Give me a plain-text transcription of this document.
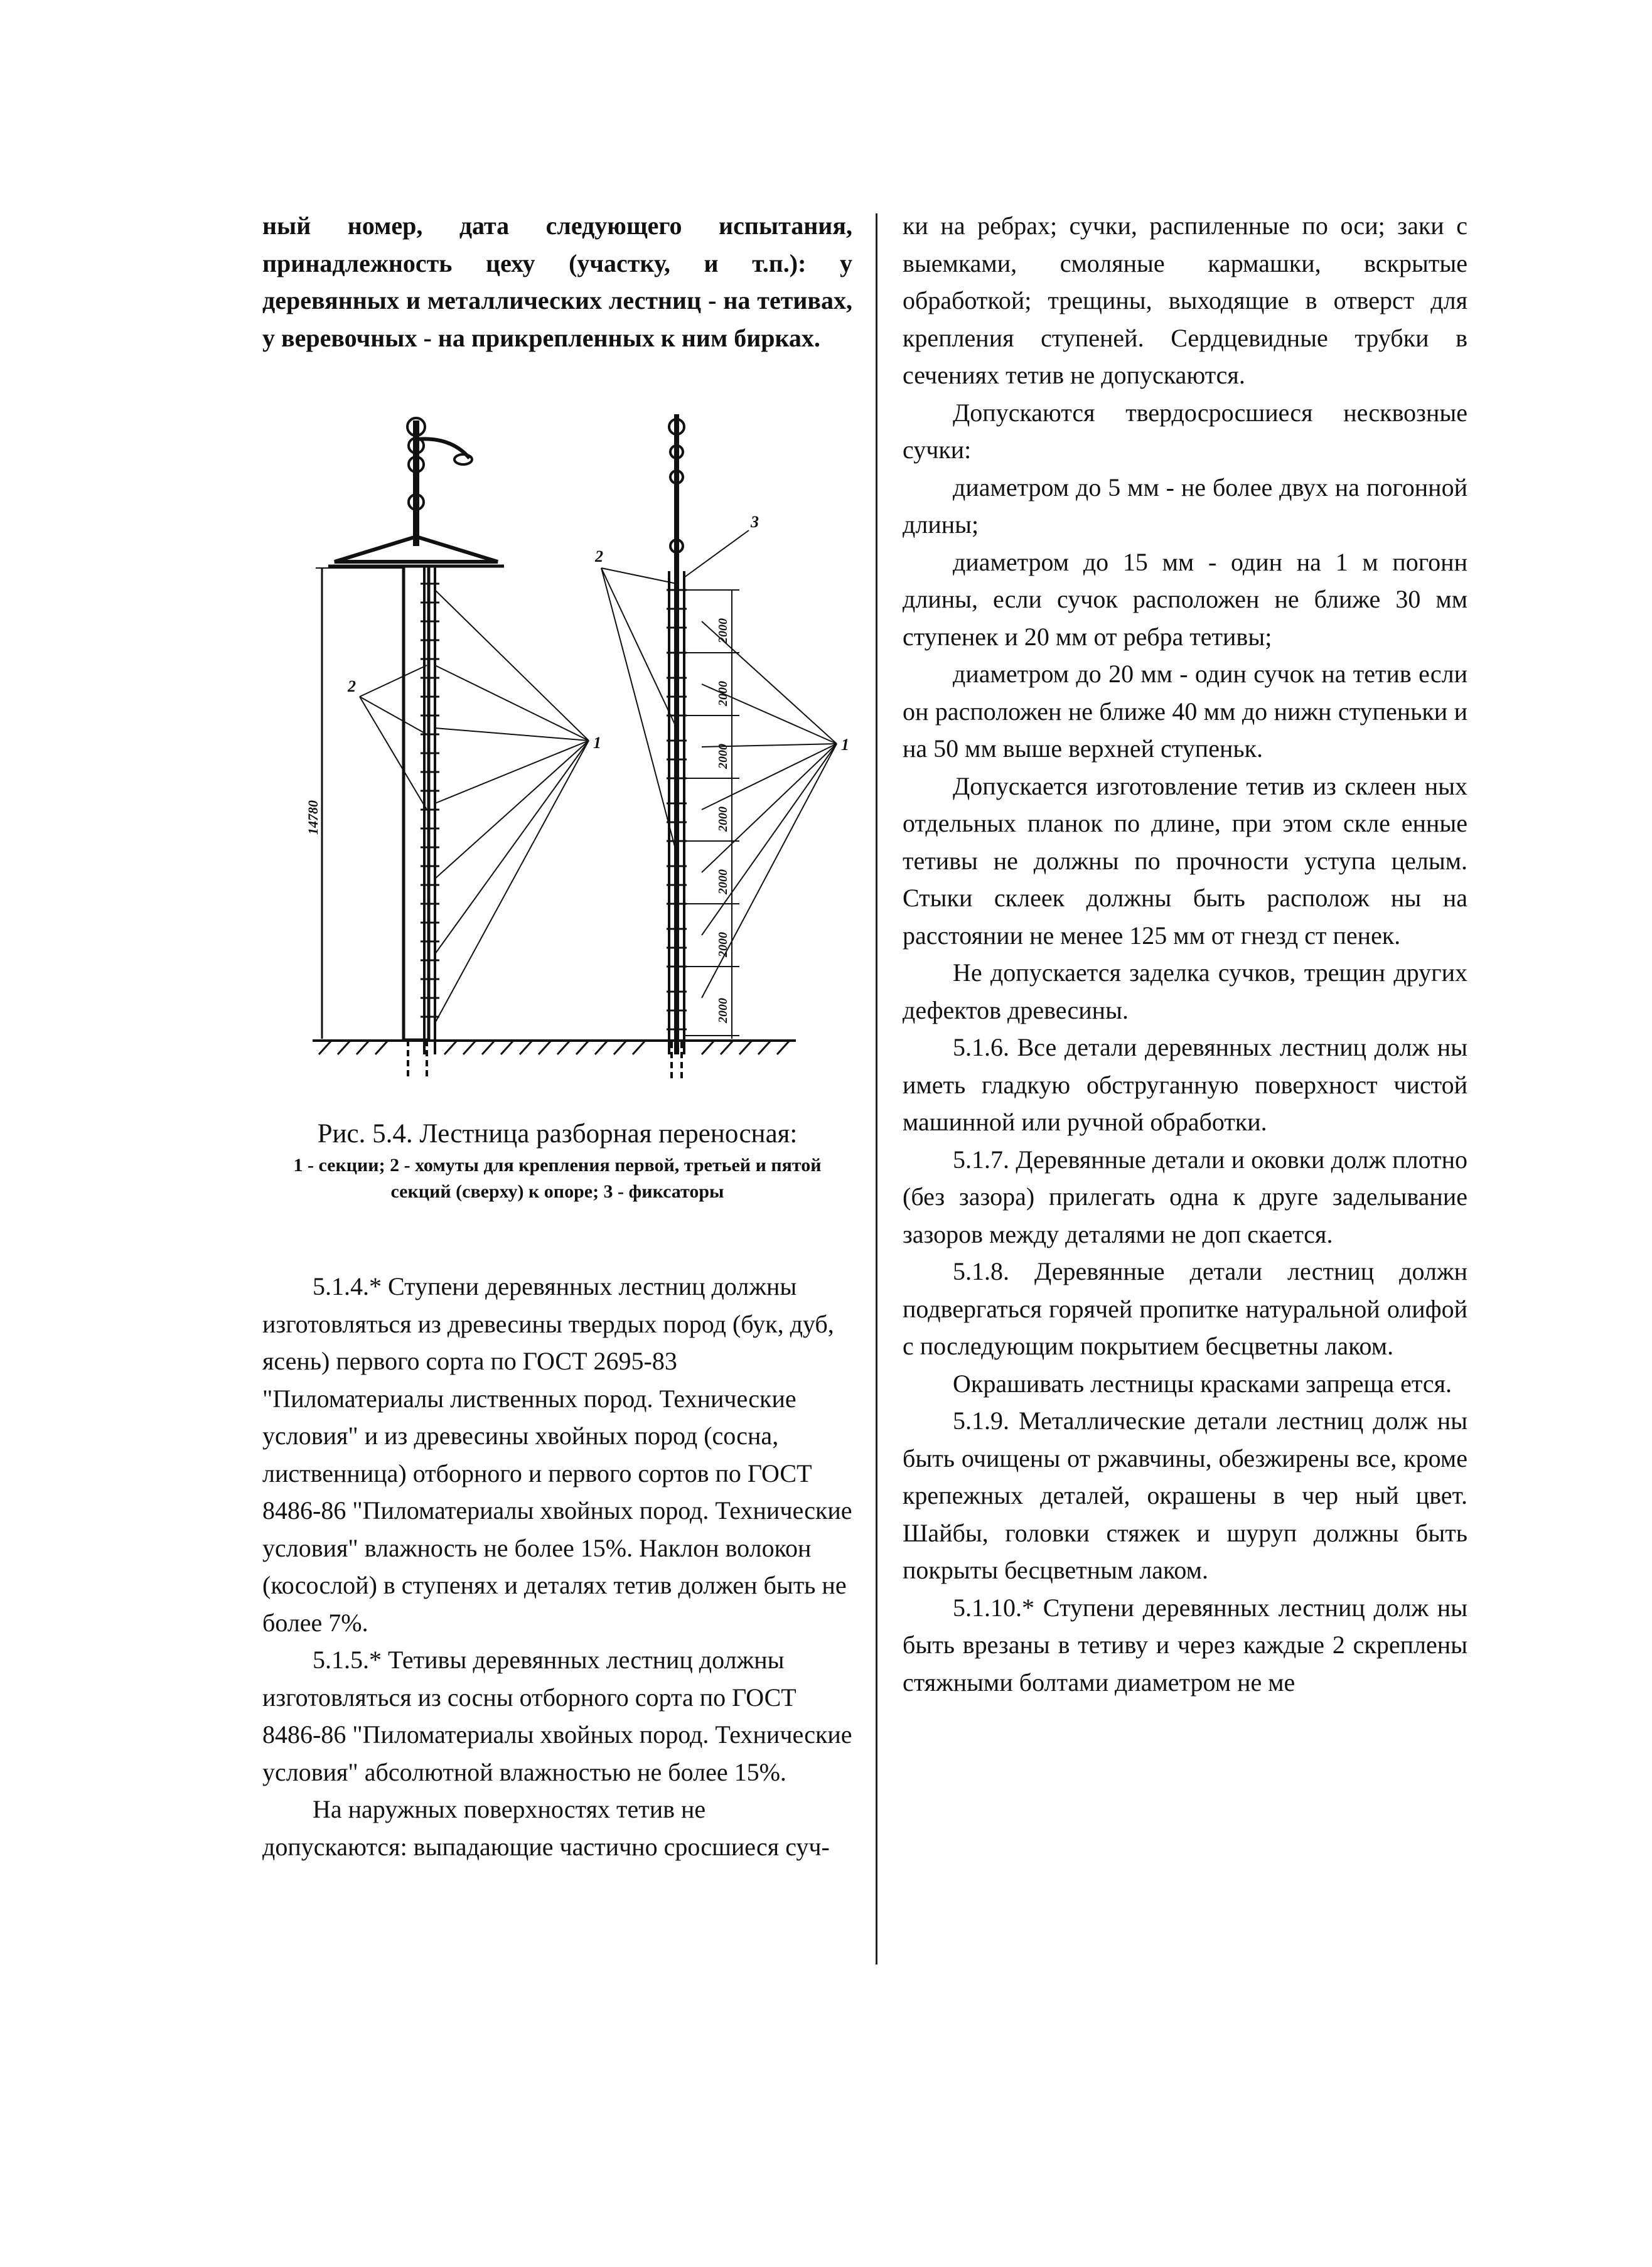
ный номер, дата следующего испытания, принадлежность цеху (участку, и т.п.): у деревянных и металлических лестниц - на тетивах, у веревочных - на прикрепленных к ним бирках.

2
1
2
3
1
14780
2000
2000
2000
2000
2000
2000
2000
Рис. 5.4. Лестница разборная переносная:
1 - секции; 2 - хомуты для крепления первой, третьей и пятой секций (сверху) к опоре; 3 - фиксаторы

5.1.4.* Ступени деревянных лестниц должны изготовляться из древесины твердых пород (бук, дуб, ясень) первого сорта по ГОСТ 2695-83 "Пиломатериалы лиственных пород. Технические условия" и из древесины хвойных пород (сосна, лиственница) отборного и первого сортов по ГОСТ 8486-86 "Пиломатериалы хвойных пород. Технические условия" влажность не более 15%. Наклон волокон (косослой) в ступенях и деталях тетив должен быть не более 7%.

5.1.5.* Тетивы деревянных лестниц должны изготовляться из сосны отборного сорта по ГОСТ 8486-86 "Пиломатериалы хвойных пород. Технические условия" абсолютной влажностью не более 15%.

На наружных поверхностях тетив не допускаются: выпадающие частично сросшиеся суч-

ки на ребрах; сучки, распиленные по оси; заки с выемками, смоляные кармашки, вскрытые обработкой; трещины, выходящие в отверст для крепления ступеней. Сердцевидные трубки в сечениях тетив не допускаются.

Допускаются твердосросшиеся несквозные сучки:

диаметром до 5 мм - не более двух на погонной длины;

диаметром до 15 мм - один на 1 м погонн длины, если сучок расположен не ближе 30 мм ступенек и 20 мм от ребра тетивы;

диаметром до 20 мм - один сучок на тетив если он расположен не ближе 40 мм до нижн ступеньки и на 50 мм выше верхней ступеньк.

Допускается изготовление тетив из склеен ных отдельных планок по длине, при этом скле енные тетивы не должны по прочности уступа целым. Стыки склеек должны быть располож ны на расстоянии не менее 125 мм от гнезд ст пенек.

Не допускается заделка сучков, трещин другиx дефектов древесины.

5.1.6. Все детали деревянных лестниц долж ны иметь гладкую обструганную поверхност чистой машинной или ручной обработки.

5.1.7. Деревянные детали и оковки долж плотно (без зазора) прилегать одна к друге заделывание зазоров между деталями не доп скается.

5.1.8. Деревянные детали лестниц должн подвергаться горячей пропитке натуральной олифой с последующим покрытием бесцветны лаком.

Окрашивать лестницы красками запреща ется.

5.1.9. Металлические детали лестниц долж ны быть очищены от ржавчины, обезжирены все, кроме крепежных деталей, окрашены в чер ный цвет. Шайбы, головки стяжек и шуруп должны быть покрыты бесцветным лаком.

5.1.10.* Ступени деревянных лестниц долж ны быть врезаны в тетиву и через каждые 2 скреплены стяжными болтами диаметром не ме
